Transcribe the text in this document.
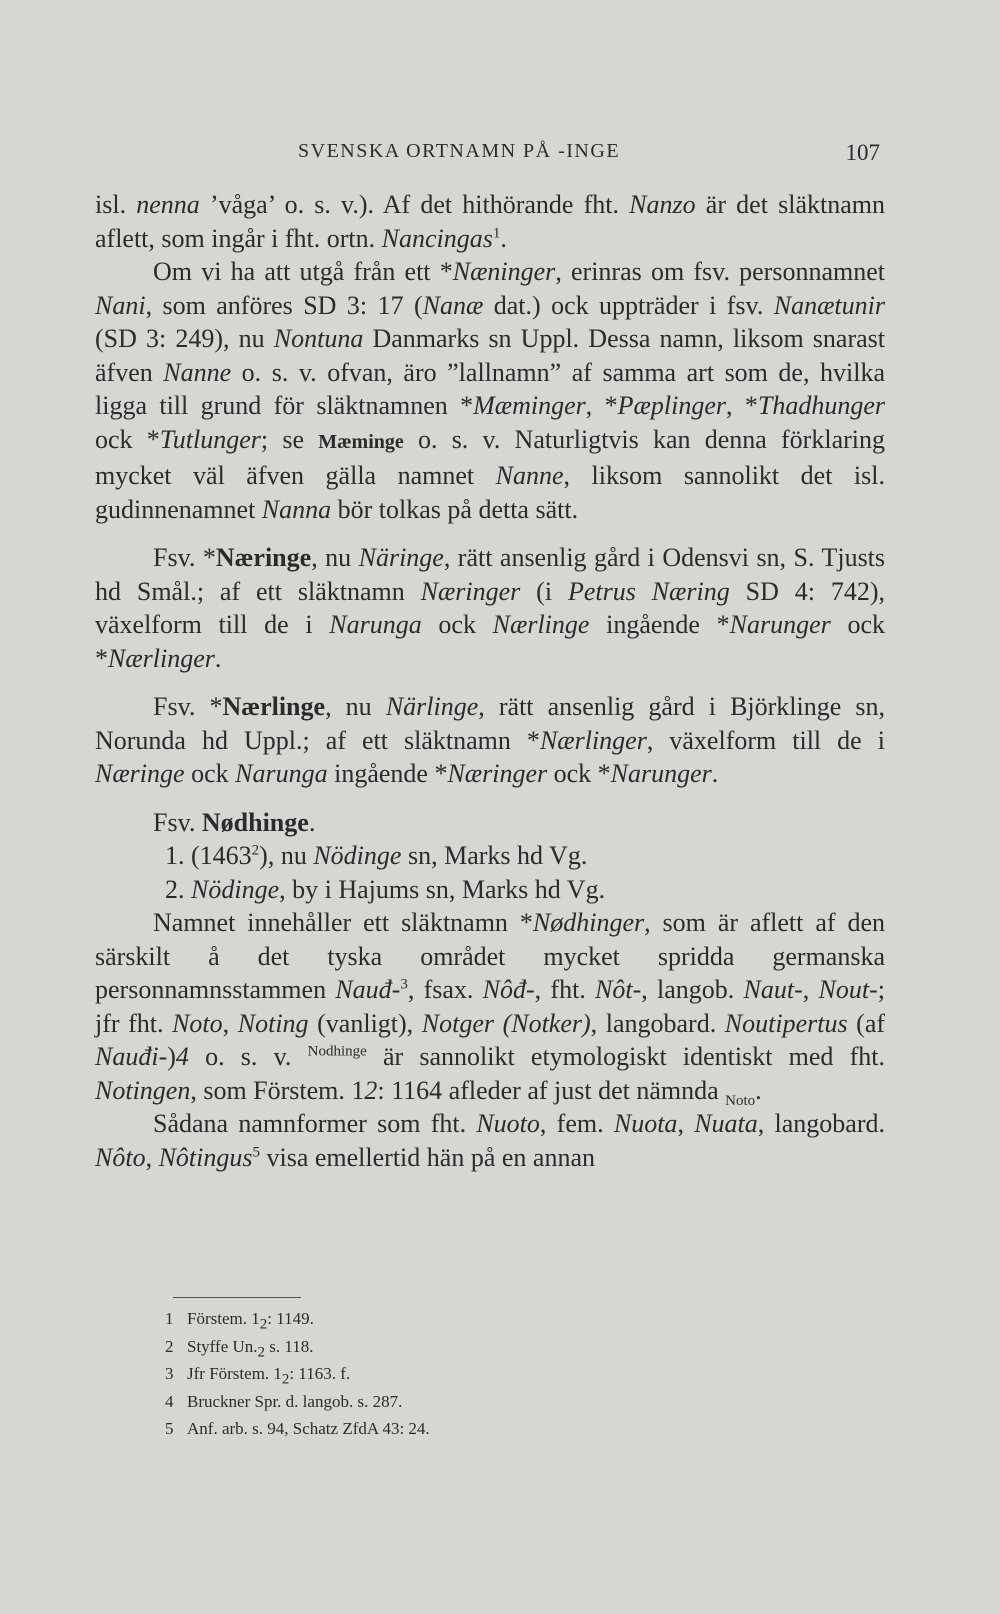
SVENSKA ORTNAMN PÅ -INGE	107

isl. nenna ’våga’ o. s. v.). Af det hithörande fht. Nanzo är det släktnamn aflett, som ingår i fht. ortn. Nancingas$^1$.

Om vi ha att utgå från ett *Næninger, erinras om fsv. personnamnet Nani, som anföres SD 3: 17 (Nanæ dat.) ock uppträder i fsv. Nanætunir (SD 3: 249), nu Nontuna Danmarks sn Uppl. Dessa namn, liksom snarast äfven Nanne o. s. v. ofvan, äro ”lallnamn” af samma art som de, hvilka ligga till grund för släktnamnen *Mæminger, *Pæplinger, *Thadhunger ock *Tutlunger; se Mæminge o. s. v. Naturligtvis kan denna förklaring mycket väl äfven gälla namnet Nanne, liksom sannolikt det isl. gudinnenamnet Nanna bör tolkas på detta sätt.

Fsv. *Næringe, nu Näringe, rätt ansenlig gård i Odensvi sn, S. Tjusts hd Smål.; af ett släktnamn Næringer (i Petrus Næring SD 4: 742), växelform till de i Narunga ock Nærlinge ingående *Narunger ock *Nærlinger.

Fsv. *Nærlinge, nu Närlinge, rätt ansenlig gård i Björklinge sn, Norunda hd Uppl.; af ett släktnamn *Nærlinger, växelform till de i Næringe ock Narunga ingående *Næringer ock *Narunger.

Fsv. Nødhinge.

1. (1463$^2$), nu Nödinge sn, Marks hd Vg.

2. Nödinge, by i Hajums sn, Marks hd Vg.

Namnet innehåller ett släktnamn *Nødhinger, som är aflett af den särskilt å det tyska området mycket spridda germanska personnamnsstammen Nauđ-$^3$, fsax. Nôđ-, fht. Nôt-, langob. Naut-, Nout-; jfr fht. Noto, Noting (vanligt), Notger (Notker), langobard. Noutipertus (af Nauđi-)4 o. s. v. $^{Nodhinge}$ är sannolikt etymologiskt identiskt med fht. Notingen, som Förstem. 12: 1164 afleder af just det nämnda $_{Noto}$.

Sådana namnformer som fht. Nuoto, fem. Nuota, Nuata, langobard. Nôto, Nôtingus$^5$ visa emellertid hän på en annan

1 Förstem. $1_2$: 1149.
2 Styffe $Un._2$ s. 118.
3 Jfr Förstem. $1_2$: 1163. f.
4 Bruckner Spr. d. langob. s. 287.
5 Anf. arb. s. 94, Schatz ZfdA 43: 24.
